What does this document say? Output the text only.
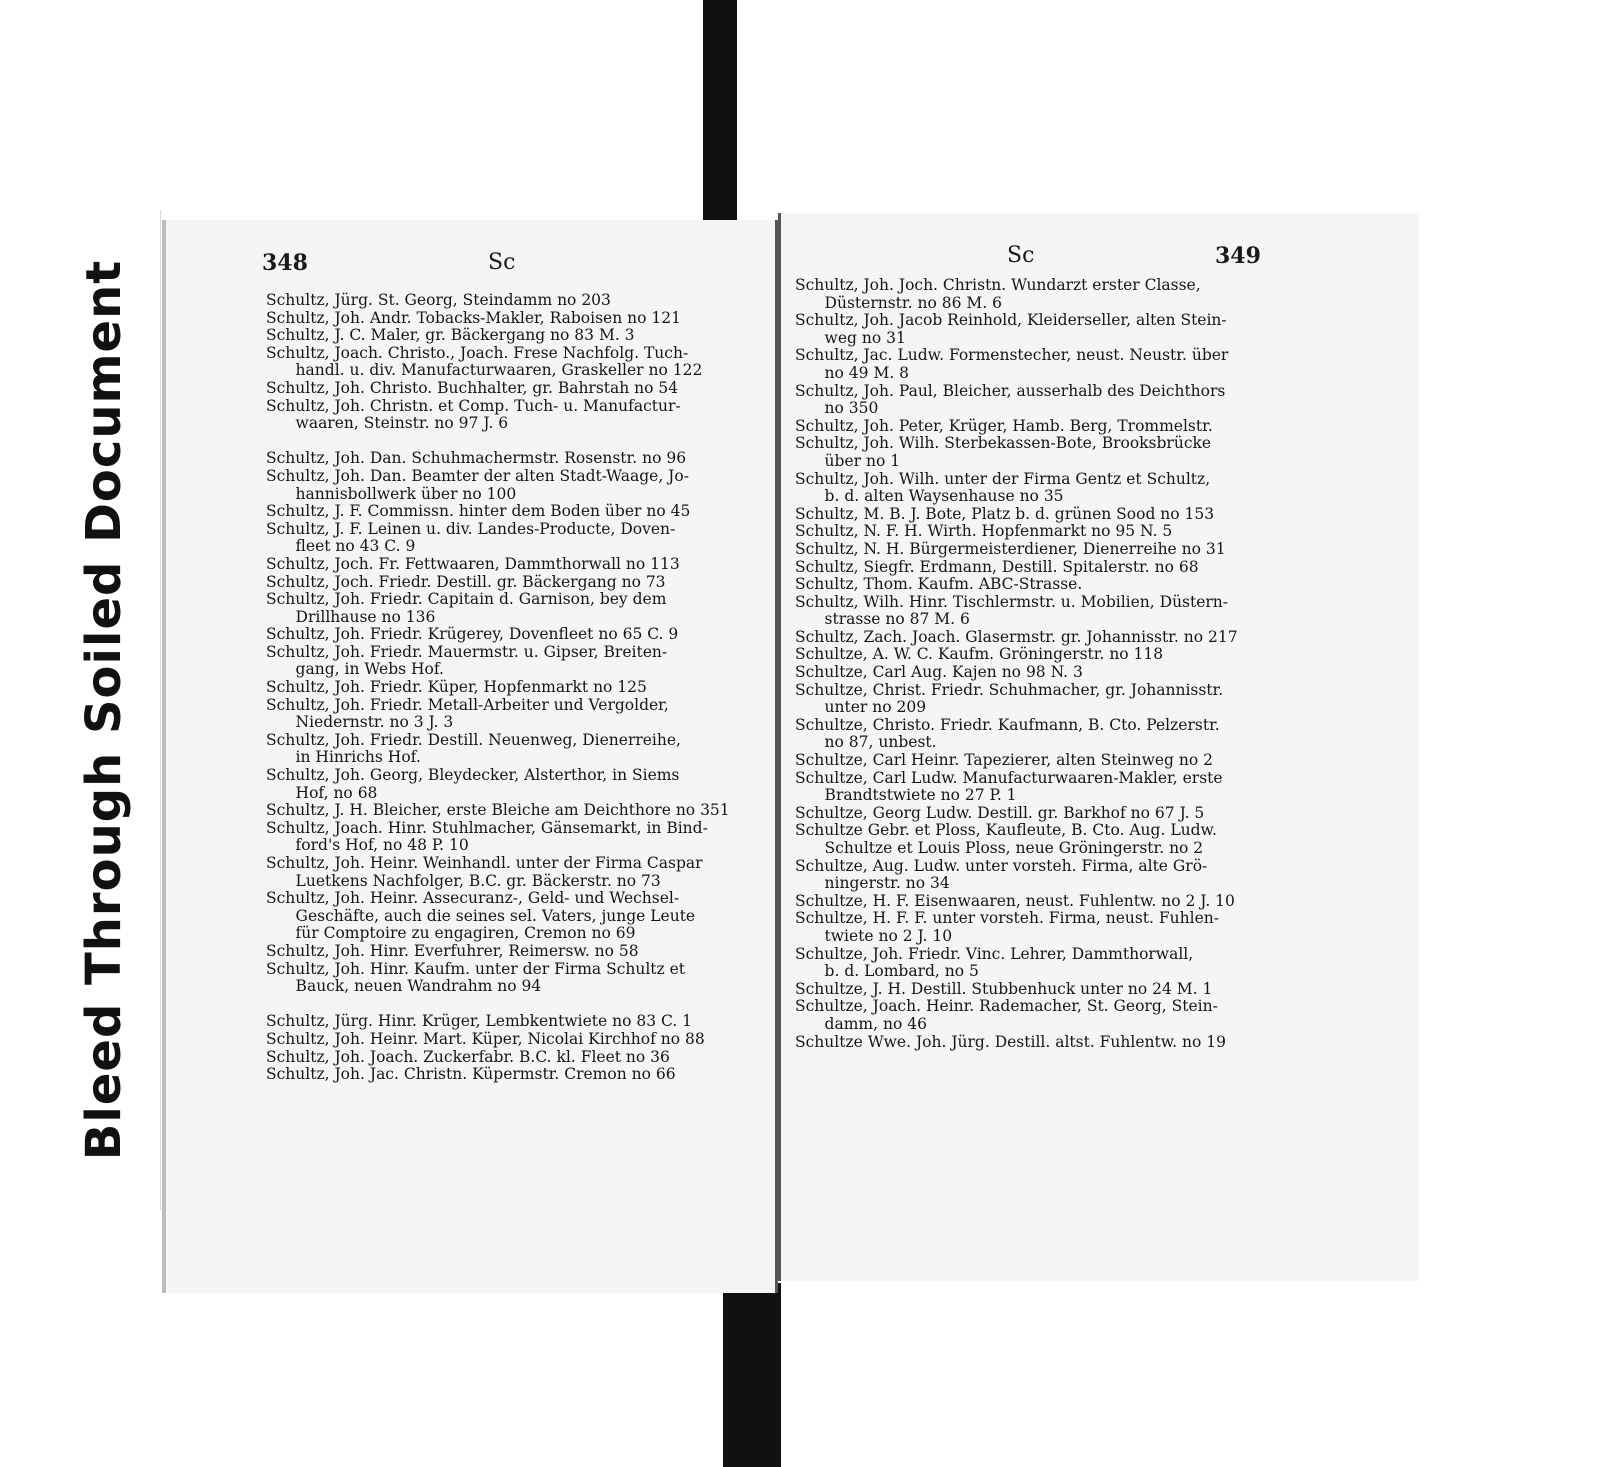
Bleed Through Soiled Document	348	Sc
Schultz, Jürg. St. Georg, Steindamm no 203
Schultz, Joh. Andr. Tobacks-Makler, Raboisen no 121
Schultz, J. C. Maler, gr. Bäckergang no 83 M. 3
Schultz, Joach. Christo., Joach. Frese Nachfolg. Tuch-
handl. u. div. Manufacturwaaren, Graskeller no 122
Schultz, Joh. Christo. Buchhalter, gr. Bahrstah no 54
Schultz, Joh. Christn. et Comp. Tuch- u. Manufactur-
waaren, Steinstr. no 97 J. 6
Schultz, Joh. Dan. Schuhmachermstr. Rosenstr. no 96
Schultz, Joh. Dan. Beamter der alten Stadt-Waage, Jo-
hannisbollwerk über no 100
Schultz, J. F. Commissn. hinter dem Boden über no 45
Schultz, J. F. Leinen u. div. Landes-Producte, Doven-
fleet no 43 C. 9
Schultz, Joch. Fr. Fettwaaren, Dammthorwall no 113
Schultz, Joch. Friedr. Destill. gr. Bäckergang no 73
Schultz, Joh. Friedr. Capitain d. Garnison, bey dem
Drillhause no 136
Schultz, Joh. Friedr. Krügerey, Dovenfleet no 65 C. 9
Schultz, Joh. Friedr. Mauermstr. u. Gipser, Breiten-
gang, in Webs Hof.
Schultz, Joh. Friedr. Küper, Hopfenmarkt no 125
Schultz, Joh. Friedr. Metall-Arbeiter und Vergolder,
Niedernstr. no 3 J. 3
Schultz, Joh. Friedr. Destill. Neuenweg, Dienerreihe,
in Hinrichs Hof.
Schultz, Joh. Georg, Bleydecker, Alsterthor, in Siems
Hof, no 68
Schultz, J. H. Bleicher, erste Bleiche am Deichthore no 351
Schultz, Joach. Hinr. Stuhlmacher, Gänsemarkt, in Bind-
ford's Hof, no 48 P. 10
Schultz, Joh. Heinr. Weinhandl. unter der Firma Caspar
Luetkens Nachfolger, B.C. gr. Bäckerstr. no 73
Schultz, Joh. Heinr. Assecuranz-, Geld- und Wechsel-
Geschäfte, auch die seines sel. Vaters, junge Leute
für Comptoire zu engagiren, Cremon no 69
Schultz, Joh. Hinr. Everfuhrer, Reimersw. no 58
Schultz, Joh. Hinr. Kaufm. unter der Firma Schultz et
Bauck, neuen Wandrahm no 94
Schultz, Jürg. Hinr. Krüger, Lembkentwiete no 83 C. 1
Schultz, Joh. Heinr. Mart. Küper, Nicolai Kirchhof no 88
Schultz, Joh. Joach. Zuckerfabr. B.C. kl. Fleet no 36
Schultz, Joh. Jac. Christn. Küpermstr. Cremon no 66
Sc	349
Schultz, Joh. Joch. Christn. Wundarzt erster Classe,
Düsternstr. no 86 M. 6
Schultz, Joh. Jacob Reinhold, Kleiderseller, alten Stein-
weg no 31
Schultz, Jac. Ludw. Formenstecher, neust. Neustr. über
no 49 M. 8
Schultz, Joh. Paul, Bleicher, ausserhalb des Deichthors
no 350
Schultz, Joh. Peter, Krüger, Hamb. Berg, Trommelstr.
Schultz, Joh. Wilh. Sterbekassen-Bote, Brooksbrücke
über no 1
Schultz, Joh. Wilh. unter der Firma Gentz et Schultz,
b. d. alten Waysenhause no 35
Schultz, M. B. J. Bote, Platz b. d. grünen Sood no 153
Schultz, N. F. H. Wirth. Hopfenmarkt no 95 N. 5
Schultz, N. H. Bürgermeisterdiener, Dienerreihe no 31
Schultz, Siegfr. Erdmann, Destill. Spitalerstr. no 68
Schultz, Thom. Kaufm. ABC-Strasse.
Schultz, Wilh. Hinr. Tischlermstr. u. Mobilien, Düstern-
strasse no 87 M. 6
Schultz, Zach. Joach. Glasermstr. gr. Johannisstr. no 217
Schultze, A. W. C. Kaufm. Gröningerstr. no 118
Schultze, Carl Aug. Kajen no 98 N. 3
Schultze, Christ. Friedr. Schuhmacher, gr. Johannisstr.
unter no 209
Schultze, Christo. Friedr. Kaufmann, B. Cto. Pelzerstr.
no 87, unbest.
Schultze, Carl Heinr. Tapezierer, alten Steinweg no 2
Schultze, Carl Ludw. Manufacturwaaren-Makler, erste
Brandtstwiete no 27 P. 1
Schultze, Georg Ludw. Destill. gr. Barkhof no 67 J. 5
Schultze Gebr. et Ploss, Kaufleute, B. Cto. Aug. Ludw.
Schultze et Louis Ploss, neue Gröningerstr. no 2
Schultze, Aug. Ludw. unter vorsteh. Firma, alte Grö-
ningerstr. no 34
Schultze, H. F. Eisenwaaren, neust. Fuhlentw. no 2 J. 10
Schultze, H. F. F. unter vorsteh. Firma, neust. Fuhlen-
twiete no 2 J. 10
Schultze, Joh. Friedr. Vinc. Lehrer, Dammthorwall,
b. d. Lombard, no 5
Schultze, J. H. Destill. Stubbenhuck unter no 24 M. 1
Schultze, Joach. Heinr. Rademacher, St. Georg, Stein-
damm, no 46
Schultze Wwe. Joh. Jürg. Destill. altst. Fuhlentw. no 19
